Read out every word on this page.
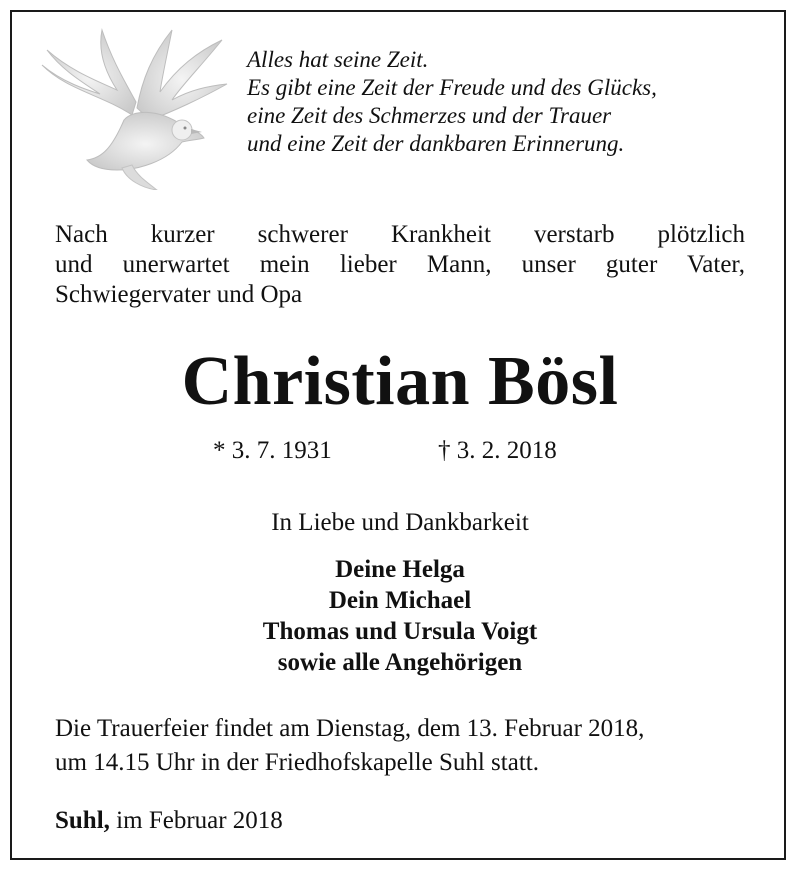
Alles hat seine Zeit.
Es gibt eine Zeit der Freude und des Glücks,
eine Zeit des Schmerzes und der Trauer
und eine Zeit der dankbaren Erinnerung.
Nach kurzer schwerer Krankheit verstarb plötzlich
und unerwartet mein lieber Mann, unser guter Vater,
Schwiegervater und Opa
Christian Bösl
* 3. 7. 1931	† 3. 2. 2018
In Liebe und Dankbarkeit
Deine Helga
Dein Michael
Thomas und Ursula Voigt
sowie alle Angehörigen
Die Trauerfeier findet am Dienstag, dem 13. Februar 2018,
um 14.15 Uhr in der Friedhofskapelle Suhl statt.
Suhl, im Februar 2018
